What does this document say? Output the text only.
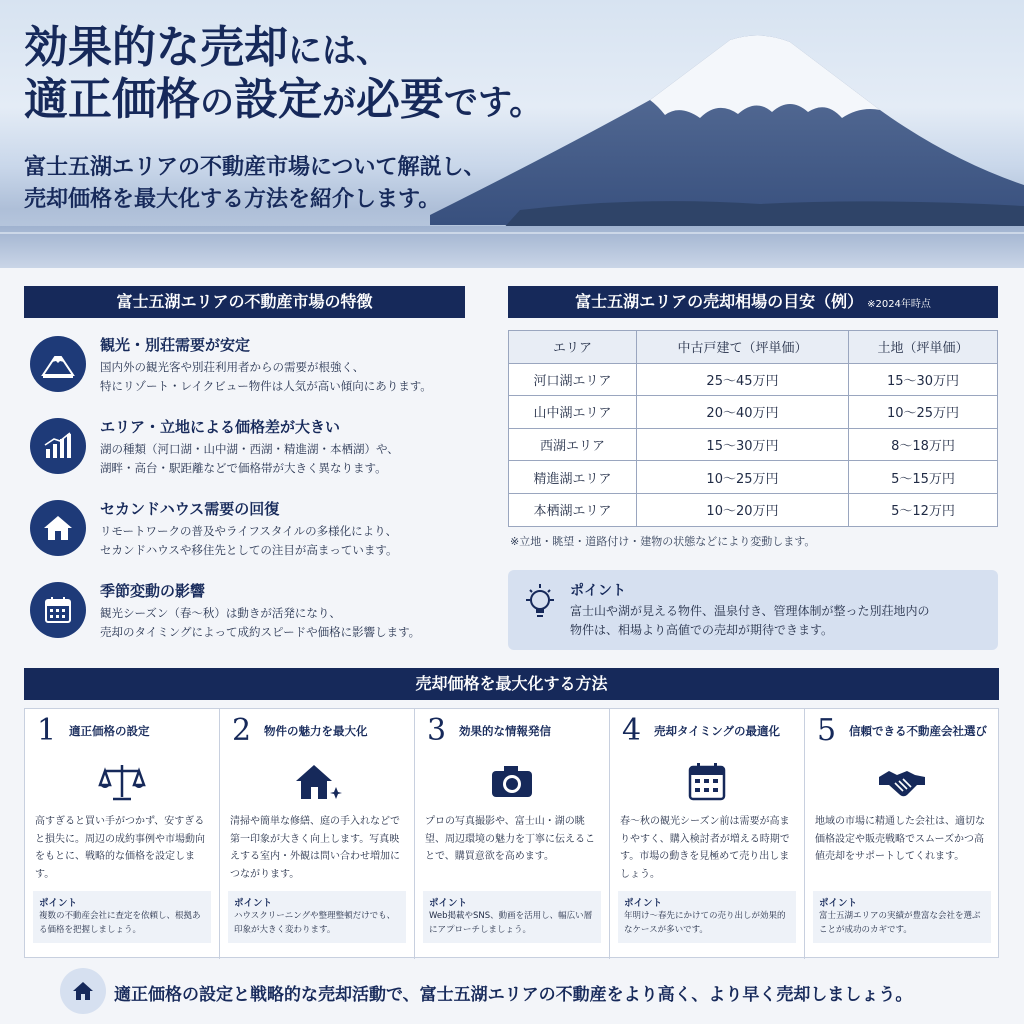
効果的な売却には、
適正価格の設定が必要です。
富士五湖エリアの不動産市場について解説し、
売却価格を最大化する方法を紹介します。
富士五湖エリアの不動産市場の特徴
観光・別荘需要が安定
国内外の観光客や別荘利用者からの需要が根強く、
特にリゾート・レイクビュー物件は人気が高い傾向にあります。
エリア・立地による価格差が大きい
湖の種類（河口湖・山中湖・西湖・精進湖・本栖湖）や、
湖畔・高台・駅距離などで価格帯が大きく異なります。
セカンドハウス需要の回復
リモートワークの普及やライフスタイルの多様化により、
セカンドハウスや移住先としての注目が高まっています。
季節変動の影響
観光シーズン（春〜秋）は動きが活発になり、
売却のタイミングによって成約スピードや価格に影響します。
富士五湖エリアの売却相場の目安（例） ※2024年時点
エリア	中古戸建て（坪単価）	土地（坪単価）
河口湖エリア	25〜45万円	15〜30万円
山中湖エリア	20〜40万円	10〜25万円
西湖エリア	15〜30万円	8〜18万円
精進湖エリア	10〜25万円	5〜15万円
本栖湖エリア	10〜20万円	5〜12万円
※立地・眺望・道路付け・建物の状態などにより変動します。
ポイント
富士山や湖が見える物件、温泉付き、管理体制が整った別荘地内の
物件は、相場より高値での売却が期待できます。
売却価格を最大化する方法
1 適正価格の設定
高すぎると買い手がつかず、安すぎると損失に。周辺の成約事例や市場動向をもとに、戦略的な価格を設定します。
ポイント
複数の不動産会社に査定を依頼し、根拠ある価格を把握しましょう。
2 物件の魅力を最大化
清掃や簡単な修繕、庭の手入れなどで第一印象が大きく向上します。写真映えする室内・外観は問い合わせ増加につながります。
ポイント
ハウスクリーニングや整理整頓だけでも、印象が大きく変わります。
3 効果的な情報発信
プロの写真撮影や、富士山・湖の眺望、周辺環境の魅力を丁寧に伝えることで、購買意欲を高めます。
ポイント
Web掲載やSNS、動画を活用し、幅広い層にアプローチしましょう。
4 売却タイミングの最適化
春〜秋の観光シーズン前は需要が高まりやすく、購入検討者が増える時期です。市場の動きを見極めて売り出しましょう。
ポイント
年明け〜春先にかけての売り出しが効果的なケースが多いです。
5 信頼できる不動産会社選び
地域の市場に精通した会社は、適切な価格設定や販売戦略でスムーズかつ高値売却をサポートしてくれます。
ポイント
富士五湖エリアの実績が豊富な会社を選ぶことが成功のカギです。
適正価格の設定と戦略的な売却活動で、富士五湖エリアの不動産をより高く、より早く売却しましょう。
